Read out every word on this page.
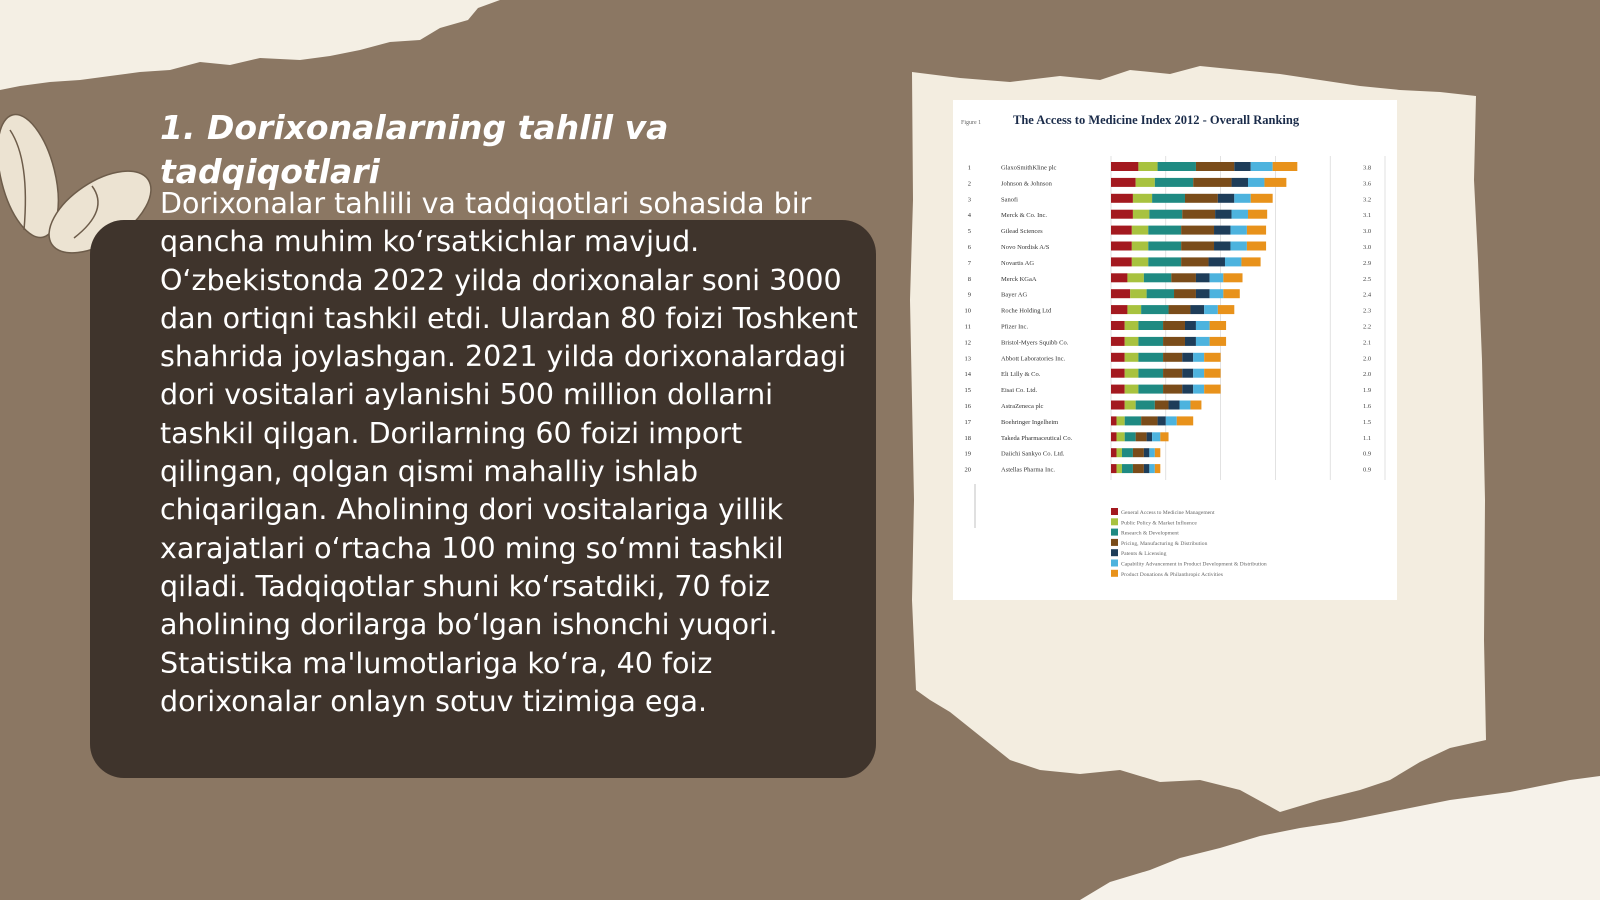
1. Dorixonalarning tahlil va tadqiqotlari

Dorixonalar tahlili va tadqiqotlari sohasida bir qancha muhim ko‘rsatkichlar mavjud. O‘zbekistonda 2022 yilda dorixonalar soni 3000 dan ortiqni tashkil etdi. Ulardan 80 foizi Toshkent shahrida joylashgan. 2021 yilda dorixonalardagi dori vositalari aylanishi 500 million dollarni tashkil qilgan. Dorilarning 60 foizi import qilingan, qolgan qismi mahalliy ishlab chiqarilgan. Aholining dori vositalariga yillik xarajatlari o‘rtacha 100 ming so‘mni tashkil qiladi. Tadqiqotlar shuni ko‘rsatdiki, 70 foiz aholining dorilarga bo‘lgan ishonchi yuqori. Statistika ma'lumotlariga ko‘ra, 40 foiz dorixonalar onlayn sotuv tizimiga ega.

Figure 1	The Access to Medicine Index 2012 - Overall Ranking
1	GlaxoSmithKline plc	3.8
2	Johnson & Johnson	3.6
3	Sanofi	3.2
4	Merck & Co. Inc.	3.1
5	Gilead Sciences	3.0
6	Novo Nordisk A/S	3.0
7	Novartis AG	2.9
8	Merck KGaA	2.5
9	Bayer AG	2.4
10	Roche Holding Ltd	2.3
11	Pfizer Inc.	2.2
12	Bristol-Myers Squibb Co.	2.1
13	Abbott Laboratories Inc.	2.0
14	Eli Lilly & Co.	2.0
15	Eisai Co. Ltd.	1.9
16	AstraZeneca plc	1.6
17	Boehringer Ingelheim	1.5
18	Takeda Pharmaceutical Co.	1.1
19	Daiichi Sankyo Co. Ltd.	0.9
20	Astellas Pharma Inc.	0.9
General Access to Medicine Management
Public Policy & Market Influence
Research & Development
Pricing, Manufacturing & Distribution
Patents & Licensing
Capability Advancement in Product Development & Distribution
Product Donations & Philanthropic Activities
